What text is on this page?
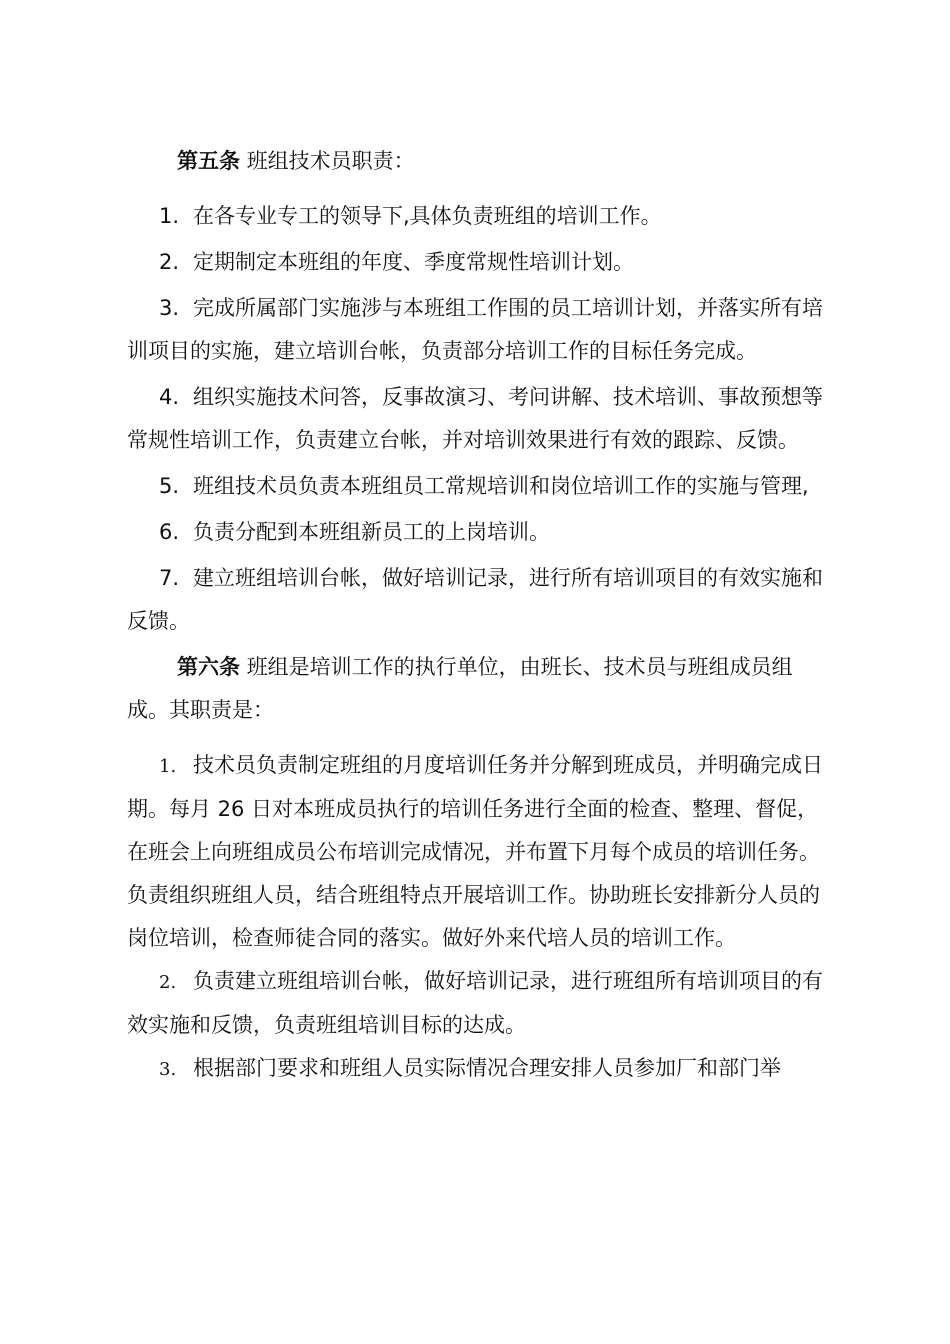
第五条 班组技术员职责：

1. 在各专业专工的领导下,具体负责班组的培训工作。

2. 定期制定本班组的年度、季度常规性培训计划。

3. 完成所属部门实施涉与本班组工作围的员工培训计划，并落实所有培训项目的实施，建立培训台帐，负责部分培训工作的目标任务完成。

4. 组织实施技术问答，反事故演习、考问讲解、技术培训、事故预想等常规性培训工作，负责建立台帐，并对培训效果进行有效的跟踪、反馈。

5. 班组技术员负责本班组员工常规培训和岗位培训工作的实施与管理,

6. 负责分配到本班组新员工的上岗培训。

7. 建立班组培训台帐，做好培训记录，进行所有培训项目的有效实施和反馈。

第六条 班组是培训工作的执行单位，由班长、技术员与班组成员组成。其职责是：

1. 技术员负责制定班组的月度培训任务并分解到班成员，并明确完成日期。每月 26 日对本班成员执行的培训任务进行全面的检查、整理、督促，在班会上向班组成员公布培训完成情况，并布置下月每个成员的培训任务。负责组织班组人员，结合班组特点开展培训工作。协助班长安排新分人员的岗位培训，检查师徒合同的落实。做好外来代培人员的培训工作。

2. 负责建立班组培训台帐，做好培训记录，进行班组所有培训项目的有效实施和反馈，负责班组培训目标的达成。

3. 根据部门要求和班组人员实际情况合理安排人员参加厂和部门举
